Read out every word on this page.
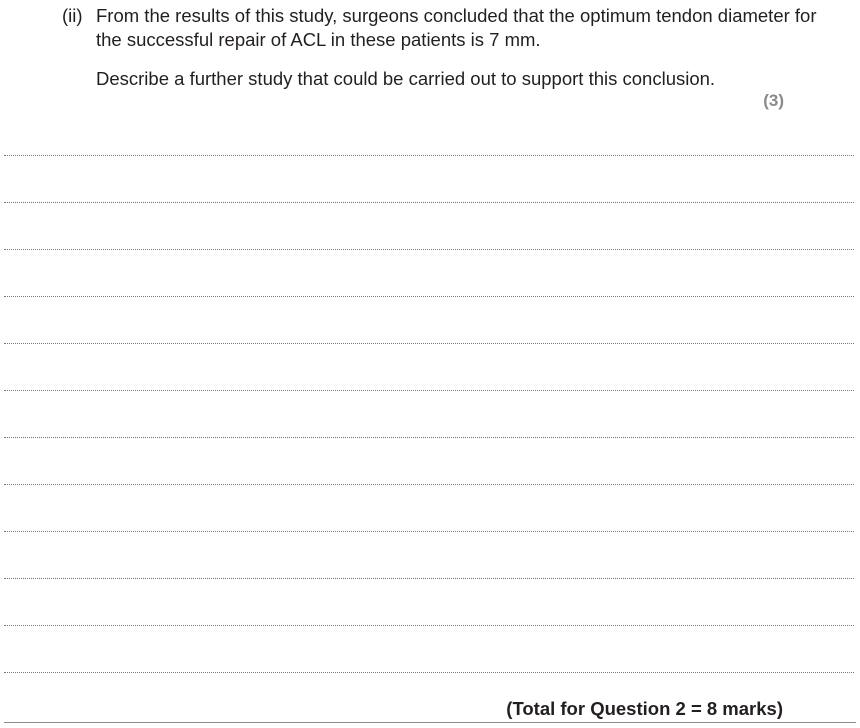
(ii) From the results of this study, surgeons concluded that the optimum tendon diameter for the successful repair of ACL in these patients is 7 mm.
Describe a further study that could be carried out to support this conclusion.
(3)
(Total for Question 2 = 8 marks)
